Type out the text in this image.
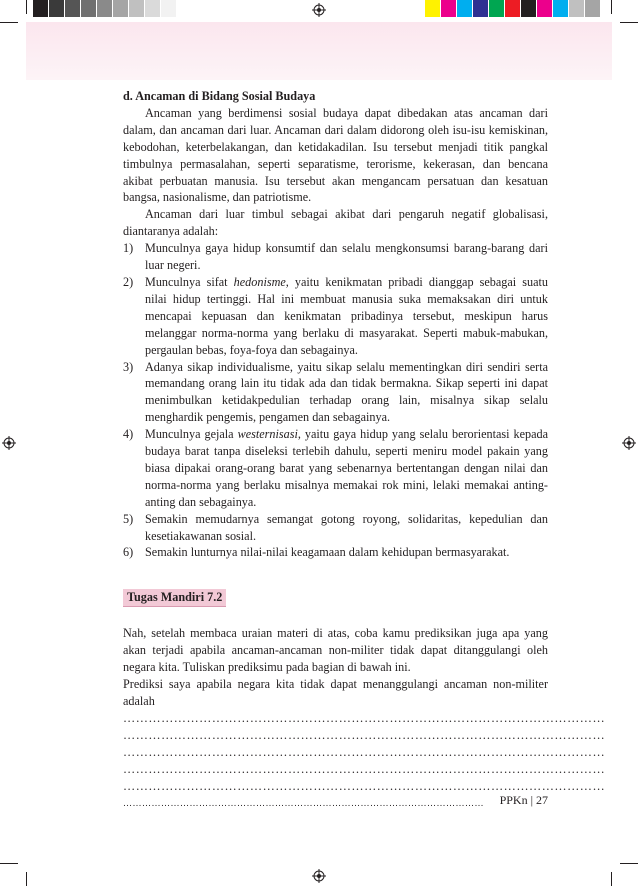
d. Ancaman di Bidang Sosial Budaya

Ancaman yang berdimensi sosial budaya dapat dibedakan atas ancaman dari dalam, dan ancaman dari luar. Ancaman dari dalam didorong oleh isu-isu kemiskinan, kebodohan, keterbelakangan, dan ketidakadilan. Isu tersebut menjadi titik pangkal timbulnya permasalahan, seperti separatisme, terorisme, kekerasan, dan bencana akibat perbuatan manusia. Isu tersebut akan mengancam persatuan dan kesatuan bangsa, nasionalisme, dan patriotisme.

Ancaman dari luar timbul sebagai akibat dari pengaruh negatif globalisasi, diantaranya adalah:

1) Munculnya gaya hidup konsumtif dan selalu mengkonsumsi barang-barang dari luar negeri.
2) Munculnya sifat hedonisme, yaitu kenikmatan pribadi dianggap sebagai suatu nilai hidup tertinggi. Hal ini membuat manusia suka memaksakan diri untuk mencapai kepuasan dan kenikmatan pribadinya tersebut, meskipun harus melanggar norma-norma yang berlaku di masyarakat. Seperti mabuk-mabukan, pergaulan bebas, foya-foya dan sebagainya.
3) Adanya sikap individualisme, yaitu sikap selalu mementingkan diri sendiri serta memandang orang lain itu tidak ada dan tidak bermakna. Sikap seperti ini dapat menimbulkan ketidakpedulian terhadap orang lain, misalnya sikap selalu menghardik pengemis, pengamen dan sebagainya.
4) Munculnya gejala westernisasi, yaitu gaya hidup yang selalu berorientasi kepada budaya barat tanpa diseleksi terlebih dahulu, seperti meniru model pakain yang biasa dipakai orang-orang barat yang sebenarnya bertentangan dengan nilai dan norma-norma yang berlaku misalnya memakai rok mini, lelaki memakai anting-anting dan sebagainya.
5) Semakin memudarnya semangat gotong royong, solidaritas, kepedulian dan kesetiakawanan sosial.
6) Semakin lunturnya nilai-nilai keagamaan dalam kehidupan bermasyarakat.
Tugas Mandiri 7.2

Nah, setelah membaca uraian materi di atas, coba kamu prediksikan juga apa yang akan terjadi apabila ancaman-ancaman non-militer tidak dapat ditanggulangi oleh negara kita. Tuliskan prediksimu pada bagian di bawah ini.

Prediksi saya apabila negara kita tidak dapat menanggulangi ancaman non-militer adalah

……………………………………………………………………………………………………
……………………………………………………………………………………………………
……………………………………………………………………………………………………
……………………………………………………………………………………………………
……………………………………………………………………………………………………
……………………………………………………………………………………………………	PPKn | 27
